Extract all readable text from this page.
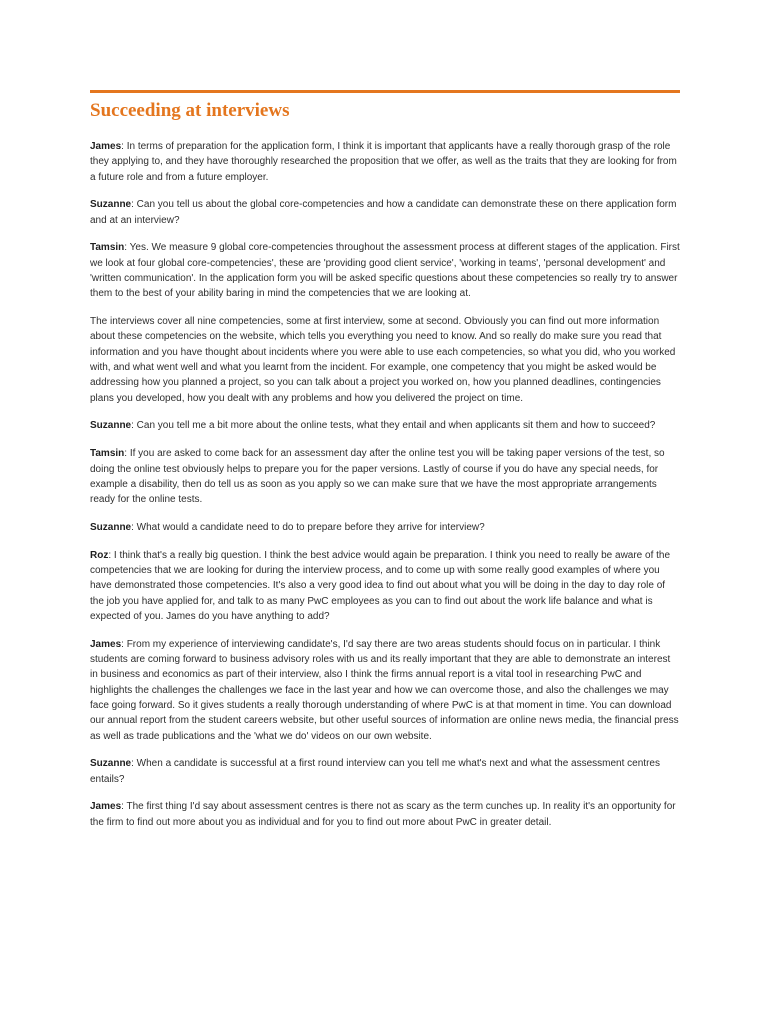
Succeeding at interviews

James: In terms of preparation for the application form, I think it is important that applicants have a really thorough grasp of the role they applying to, and they have thoroughly researched the proposition that we offer, as well as the traits that they are looking for from a future role and from a future employer.

Suzanne: Can you tell us about the global core-competencies and how a candidate can demonstrate these on there application form and at an interview?

Tamsin: Yes. We measure 9 global core-competencies throughout the assessment process at different stages of the application. First we look at four global core-competencies', these are 'providing good client service', 'working in teams', 'personal development' and 'written communication'. In the application form you will be asked specific questions about these competencies so really try to answer them to the best of your ability baring in mind the competencies that we are looking at.

The interviews cover all nine competencies, some at first interview, some at second. Obviously you can find out more information about these competencies on the website, which tells you everything you need to know. And so really do make sure you read that information and you have thought about incidents where you were able to use each competencies, so what you did, who you worked with, and what went well and what you learnt from the incident. For example, one competency that you might be asked would be addressing how you planned a project, so you can talk about a project you worked on, how you planned deadlines, contingencies plans you developed, how you dealt with any problems and how you delivered the project on time.

Suzanne: Can you tell me a bit more about the online tests, what they entail and when applicants sit them and how to succeed?

Tamsin: If you are asked to come back for an assessment day after the online test you will be taking paper versions of the test, so doing the online test obviously helps to prepare you for the paper versions. Lastly of course if you do have any special needs, for example a disability, then do tell us as soon as you apply so we can make sure that we have the most appropriate arrangements ready for the online tests.

Suzanne: What would a candidate need to do to prepare before they arrive for interview?

Roz: I think that's a really big question. I think the best advice would again be preparation. I think you need to really be aware of the competencies that we are looking for during the interview process, and to come up with some really good examples of where you have demonstrated those competencies. It's also a very good idea to find out about what you will be doing in the day to day role of the job you have applied for, and talk to as many PwC employees as you can to find out about the work life balance and what is expected of you. James do you have anything to add?

James: From my experience of interviewing candidate's, I'd say there are two areas students should focus on in particular. I think students are coming forward to business advisory roles with us and its really important that they are able to demonstrate an interest in business and economics as part of their interview, also I think the firms annual report is a vital tool in researching PwC and highlights the challenges the challenges we face in the last year and how we can overcome those, and also the challenges we may face going forward. So it gives students a really thorough understanding of where PwC is at that moment in time. You can download our annual report from the student careers website, but other useful sources of information are online news media, the financial press as well as trade publications and the 'what we do' videos on our own website.

Suzanne: When a candidate is successful at a first round interview can you tell me what's next and what the assessment centres entails?

James: The first thing I'd say about assessment centres is there not as scary as the term cunches up. In reality it's an opportunity for the firm to find out more about you as individual and for you to find out more about PwC in greater detail.
